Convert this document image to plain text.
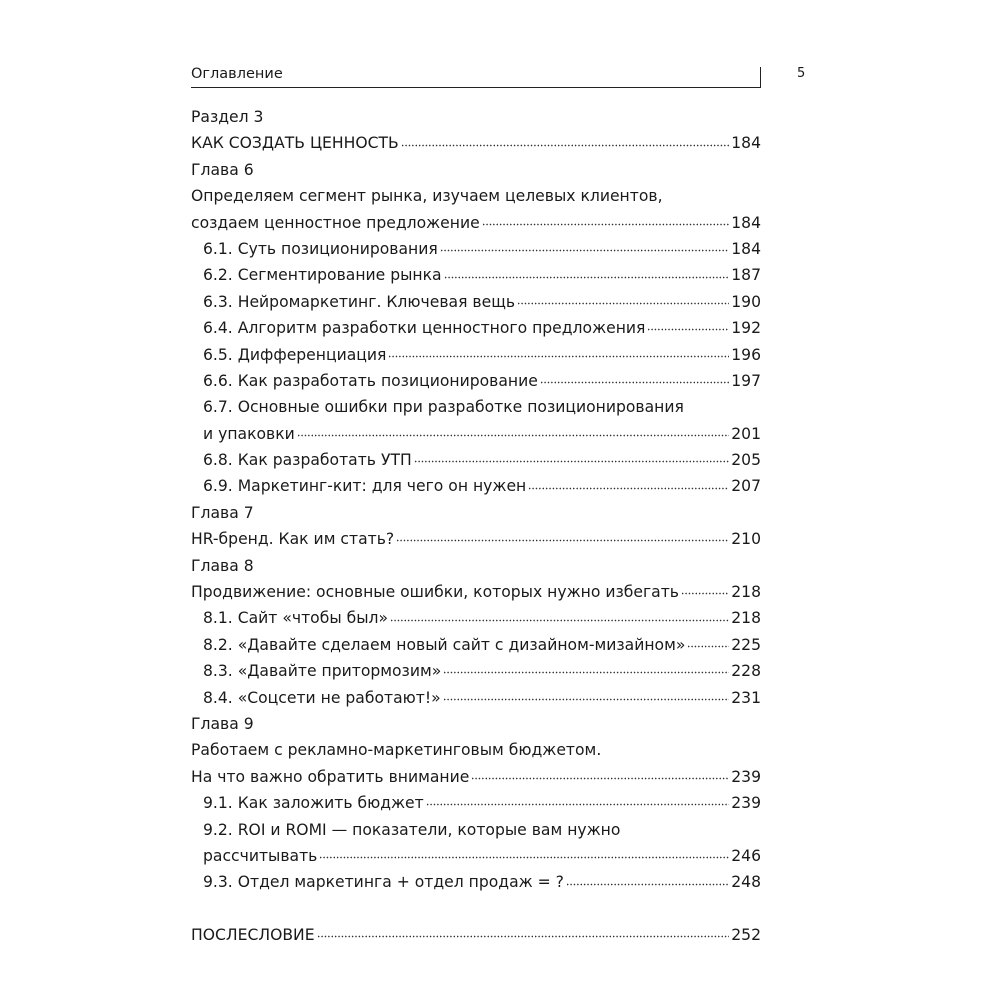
Оглавление	5
Раздел 3
КАК СОЗДАТЬ ЦЕННОСТЬ	184
Глава 6
Определяем сегмент рынка, изучаем целевых клиентов,
создаем ценностное предложение	184
6.1. Суть позиционирования	184
6.2. Сегментирование рынка	187
6.3. Нейромаркетинг. Ключевая вещь	190
6.4. Алгоритм разработки ценностного предложения	192
6.5. Дифференциация	196
6.6. Как разработать позиционирование	197
6.7. Основные ошибки при разработке позиционирования
и упаковки	201
6.8. Как разработать УТП	205
6.9. Маркетинг-кит: для чего он нужен	207
Глава 7
HR-бренд. Как им стать?	210
Глава 8
Продвижение: основные ошибки, которых нужно избегать	218
8.1. Сайт «чтобы был»	218
8.2. «Давайте сделаем новый сайт с дизайном-мизайном»	225
8.3. «Давайте притормозим»	228
8.4. «Соцсети не работают!»	231
Глава 9
Работаем с рекламно-маркетинговым бюджетом.
На что важно обратить внимание	239
9.1. Как заложить бюджет	239
9.2. ROI и ROMI — показатели, которые вам нужно
рассчитывать	246
9.3. Отдел маркетинга + отдел продаж = ?	248
ПОСЛЕСЛОВИЕ	252
